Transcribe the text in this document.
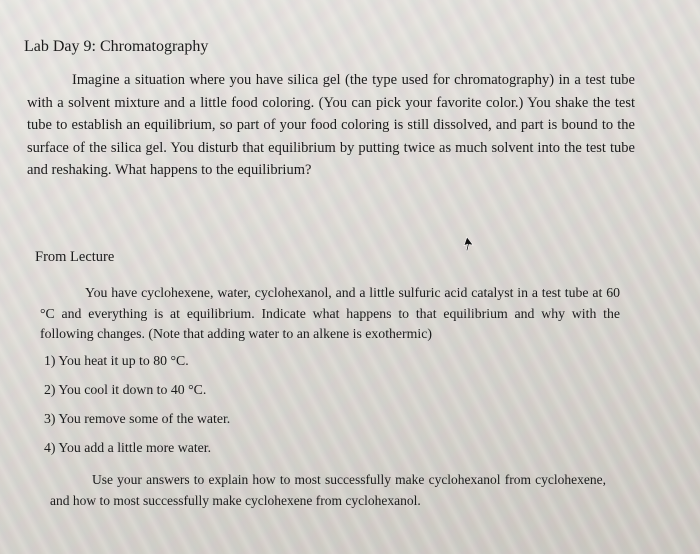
Lab Day 9: Chromatography
Imagine a situation where you have silica gel (the type used for chromatography) in a test tube with a solvent mixture and a little food coloring. (You can pick your favorite color.) You shake the test tube to establish an equilibrium, so part of your food coloring is still dissolved, and part is bound to the surface of the silica gel. You disturb that equilibrium by putting twice as much solvent into the test tube and reshaking. What happens to the equilibrium?
From Lecture
You have cyclohexene, water, cyclohexanol, and a little sulfuric acid catalyst in a test tube at 60 °C and everything is at equilibrium. Indicate what happens to that equilibrium and why with the following changes. (Note that adding water to an alkene is exothermic)
1) You heat it up to 80 °C.
2) You cool it down to 40 °C.
3) You remove some of the water.
4) You add a little more water.
Use your answers to explain how to most successfully make cyclohexanol from cyclohexene, and how to most successfully make cyclohexene from cyclohexanol.
